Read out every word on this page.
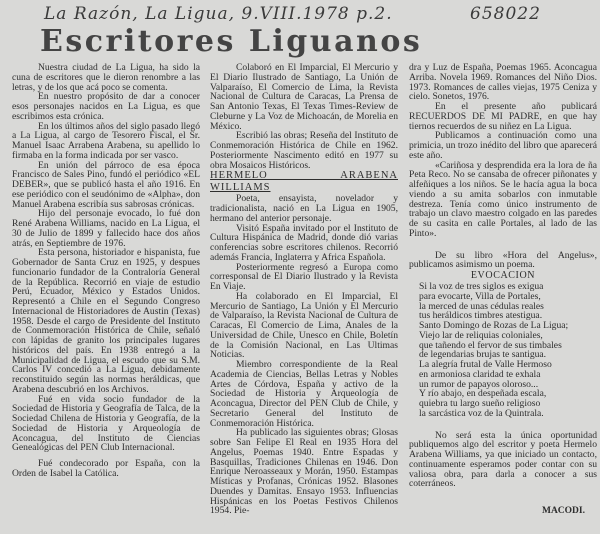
La Razón, La Ligua, 9.VIII.1978 p.2.	658022
Escritores Liguanos

Nuestra ciudad de La Ligua, ha sido la cuna de escritores que le dieron renombre a las letras, y de los que acá poco se comenta.

En nuestro propósito de dar a conocer esos personajes nacidos en La Ligua, es que escribimos esta crónica.

En los últimos años del siglo pasado llegó a La Ligua, al cargo de Tesorero Fiscal, el Sr. Manuel Isaac Arrabena Arabena, su apellido lo firmaba en la forma indicada por ser vasco.

En unión del párroco de esa época Francisco de Sales Pino, fundó el periódico «EL DEBER», que se publicó hasta el año 1916. En ese periódico con el seudónimo de «Alpha», don Manuel Arabena escribía sus sabrosas crónicas.

Hijo del personaje evocado, lo fué don René Arabena Williams, nacido en La Ligua, el 30 de Julio de 1899 y fallecido hace dos años atrás, en Septiembre de 1976.

Esta persona, historiador e hispanista, fue Gobernador de Santa Cruz en 1925, y despues funcionario fundador de la Contraloría General de la República. Recorrió en viaje de estudio Perú, Ecuador, México y Estados Unidos. Representó a Chile en el Segundo Congreso Internacional de Historiadores de Austin (Texas) 1958. Desde el cargo de Presidente del Instituto de Conmemoración Histórica de Chile, señaló con lápidas de granito los principales lugares históricos del país. En 1938 entregó a la Municipalidad de Ligua, el escudo que su S.M. Carlos IV concedió a La Ligua, debidamente reconstituido según las normas heráldicas, que Arabena descubrió en los Archivos.

Fué en vida socio fundador de la Sociedad de Historia y Geografía de Talca, de la Sociedad Chilena de Historia y Geografía, de la Sociedad de Historia y Arqueología de Aconcagua, del Instituto de Ciencias Genealógicas del PEN Club Internacional.

Fué condecorado por España, con la Orden de Isabel la Católica.

Colaboró en El Imparcial, El Mercurio y El Diario Ilustrado de Santiago, La Unión de Valparaíso, El Comercio de Lima, la Revista Nacional de Cultura de Caracas, La Prensa de San Antonio Texas, El Texas Times-Review de Cleburne y La Voz de Michoacán, de Morelia en México.

Escribió las obras; Reseña del Instituto de Conmemoración Histórica de Chile en 1962. Posteriormente Nascimento editó en 1977 su obra Mosaicos Históricos.

HERMELO ARABENA WILLIAMS

Poeta, ensayista, novelador y tradicionalista, nació en La Ligua en 1905, hermano del anterior personaje.

Visitó España invitado por el Instituto de Cultura Hispánica de Madrid, donde dió varias conferencias sobre escritores chilenos. Recorrió además Francia, Inglaterra y Africa Española.

Posteriormente regresó a Europa como corresponsal de El Diario Ilustrado y la Revista En Viaje.

Ha colaborado en El Imparcial, El Mercurio de Santiago, La Unión y El Mercurio de Valparaíso, la Revista Nacional de Cultura de Caracas, El Comercio de Lima, Anales de la Universidad de Chile, Unesco en Chile, Boletín de la Comisión Nacional, en Las Ultimas Noticias.

Miembro correspondiente de la Real Academia de Ciencias, Bellas Letras y Nobles Artes de Córdova, España y activo de la Sociedad de Historia y Arqueología de Aconcagua, Director del PEN Club de Chile, y Secretario General del Instituto de Conmemoración Histórica.

Ha publicado las siguientes obras; Glosas sobre San Felipe El Real en 1935 Hora del Angelus, Poemas 1940. Entre Espadas y Basquillas, Tradiciones Chilenas en 1946. Don Enrique Neroasseaux y Morán, 1950. Estampas Místicas y Profanas, Crónicas 1952. Blasones Duendes y Damitas. Ensayo 1953. Influencias Hispánicas en los Poetas Festivos Chilenos 1954. Pie-

dra y Luz de España, Poemas 1965. Aconcagua Arriba. Novela 1969. Romances del Niño Dios. 1973. Romances de calles viejas, 1975 Ceniza y cielo. Sonetos, 1976.

En el presente año publicará RECUERDOS DE MI PADRE, en que hay tiernos recuerdos de su niñez en La Ligua.

Publicamos a continuación como una primicia, un trozo inédito del libro que aparecerá este año.

«Cariñosa y desprendida era la lora de ña Peta Reco. No se cansaba de ofrecer piñonates y alfeñiques a los niños. Se le hacía agua la boca viendo a su amita sobarlos con inmutable destreza. Tenía como único instrumento de trabajo un clavo maestro colgado en las paredes de su casita en calle Portales, al lado de las Pinto».

De su libro «Hora del Angelus», publicamos asimismo un poema.

EVOCACION

Si la voz de tres siglos es exigua
para evocarte, Villa de Portales,
la merced de unas cédulas reales
tus heráldicos timbres atestigua.
Santo Domingo de Rozas de La Ligua;
Viejo lar de reliquias coloniales,
que tañendo el fervor de sus timbales
de legendarias brujas te santigua.
La alegría frutal de Valle Hermoso
en armoniosa claridad te exhala
un rumor de papayos oloroso...
Y río abajo, en despeñada escala,
quiebra tu largo sueño religioso
la sarcástica voz de la Quintrala.

No será esta la única oportunidad publiquemos algo del escritor y poeta Hermelo Arabena Williams, ya que iniciado un contacto, continuamente esperamos poder contar con su valiosa obra, para darla a conocer a sus coterráneos.

MACODI.
